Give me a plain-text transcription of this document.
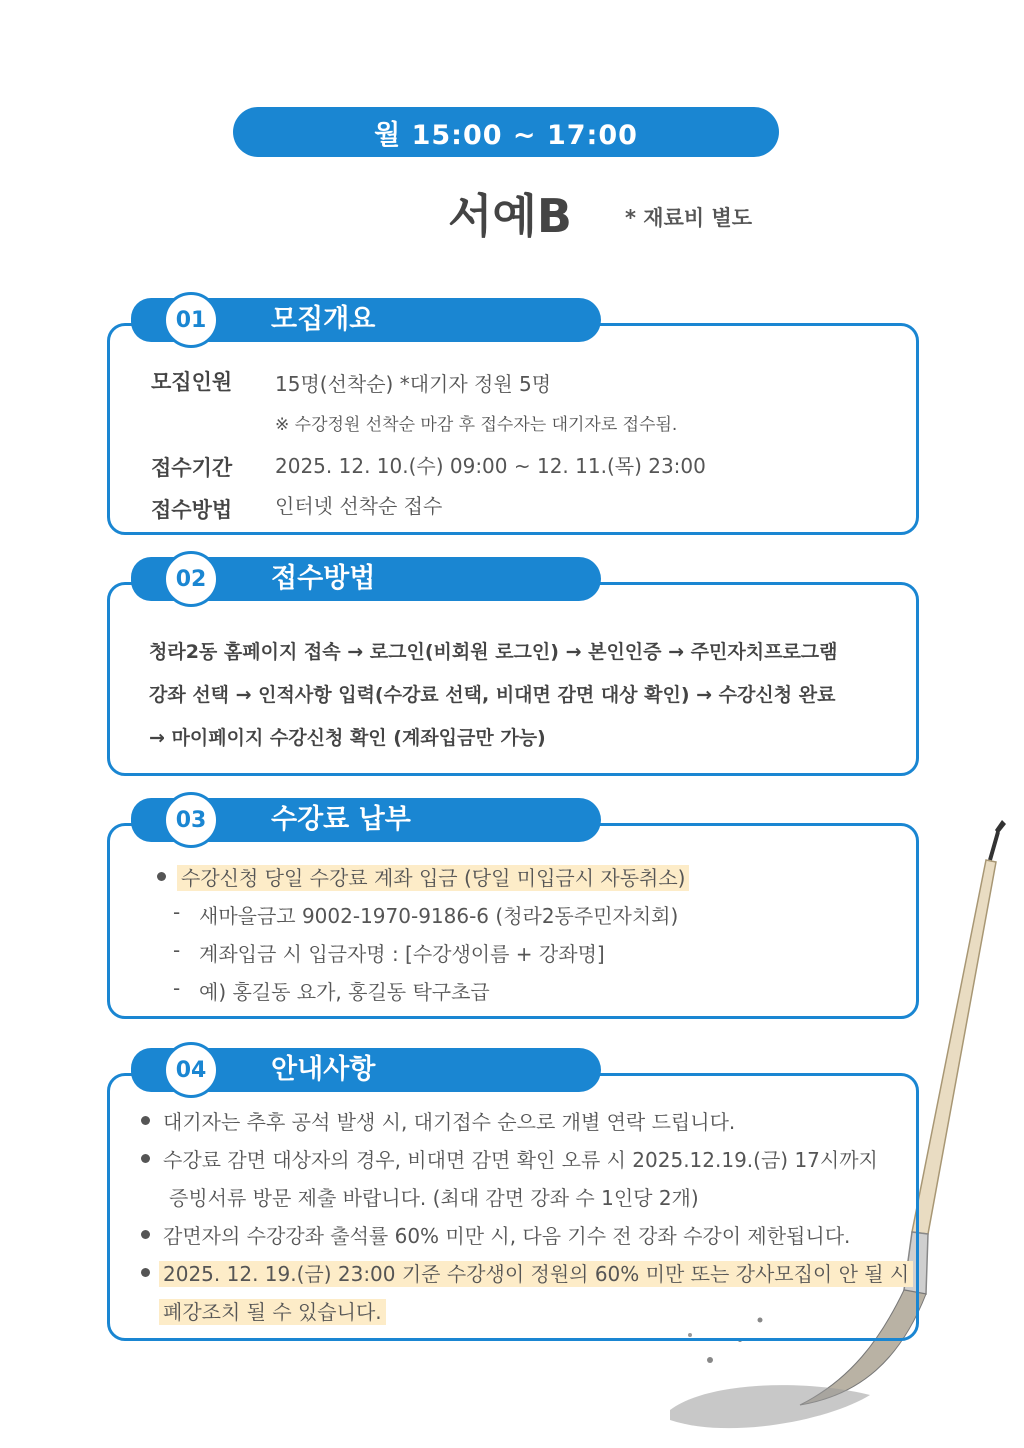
월 15:00 ~ 17:00
서예B	* 재료비 별도
모집개요
01
모집인원 15명(선착순) *대기자 정원 5명
※ 수강정원 선착순 마감 후 접수자는 대기자로 접수됨.
접수기간 2025. 12. 10.(수) 09:00 ~ 12. 11.(목) 23:00
접수방법 인터넷 선착순 접수
접수방법
02
청라2동 홈페이지 접속 → 로그인(비회원 로그인) → 본인인증 → 주민자치프로그램
강좌 선택 → 인적사항 입력(수강료 선택, 비대면 감면 대상 확인) → 수강신청 완료
→ 마이페이지 수강신청 확인 (계좌입금만 가능)
수강료 납부
03
수강신청 당일 수강료 계좌 입금 (당일 미입금시 자동취소)
- 새마을금고 9002-1970-9186-6 (청라2동주민자치회)
- 계좌입금 시 입금자명 : [수강생이름 + 강좌명]
- 예) 홍길동 요가, 홍길동 탁구초급
안내사항
04
대기자는 추후 공석 발생 시, 대기접수 순으로 개별 연락 드립니다.
수강료 감면 대상자의 경우, 비대면 감면 확인 오류 시 2025.12.19.(금) 17시까지
증빙서류 방문 제출 바랍니다. (최대 감면 강좌 수 1인당 2개)
감면자의 수강강좌 출석률 60% 미만 시, 다음 기수 전 강좌 수강이 제한됩니다.
2025. 12. 19.(금) 23:00 기준 수강생이 정원의 60% 미만 또는 강사모집이 안 될 시
폐강조치 될 수 있습니다.
